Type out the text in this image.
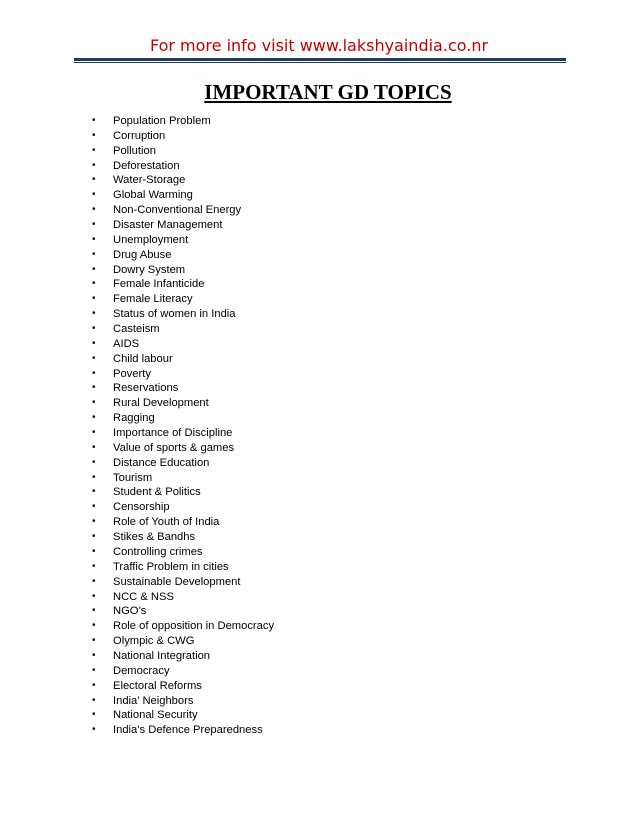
For more info visit www.lakshyaindia.co.nr
IMPORTANT GD TOPICS
• Population Problem
• Corruption
• Pollution
• Deforestation
• Water-Storage
• Global Warming
• Non-Conventional Energy
• Disaster Management
• Unemployment
• Drug Abuse
• Dowry System
• Female Infanticide
• Female Literacy
• Status of women in India
• Casteism
• AIDS
• Child labour
• Poverty
• Reservations
• Rural Development
• Ragging
• Importance of Discipline
• Value of sports & games
• Distance Education
• Tourism
• Student & Politics
• Censorship
• Role of Youth of India
• Stikes & Bandhs
• Controlling crimes
• Traffic Problem in cities
• Sustainable Development
• NCC & NSS
• NGO’s
• Role of opposition in Democracy
• Olympic & CWG
• National Integration
• Democracy
• Electoral Reforms
• India’ Neighbors
• National Security
• India’s Defence Preparedness
